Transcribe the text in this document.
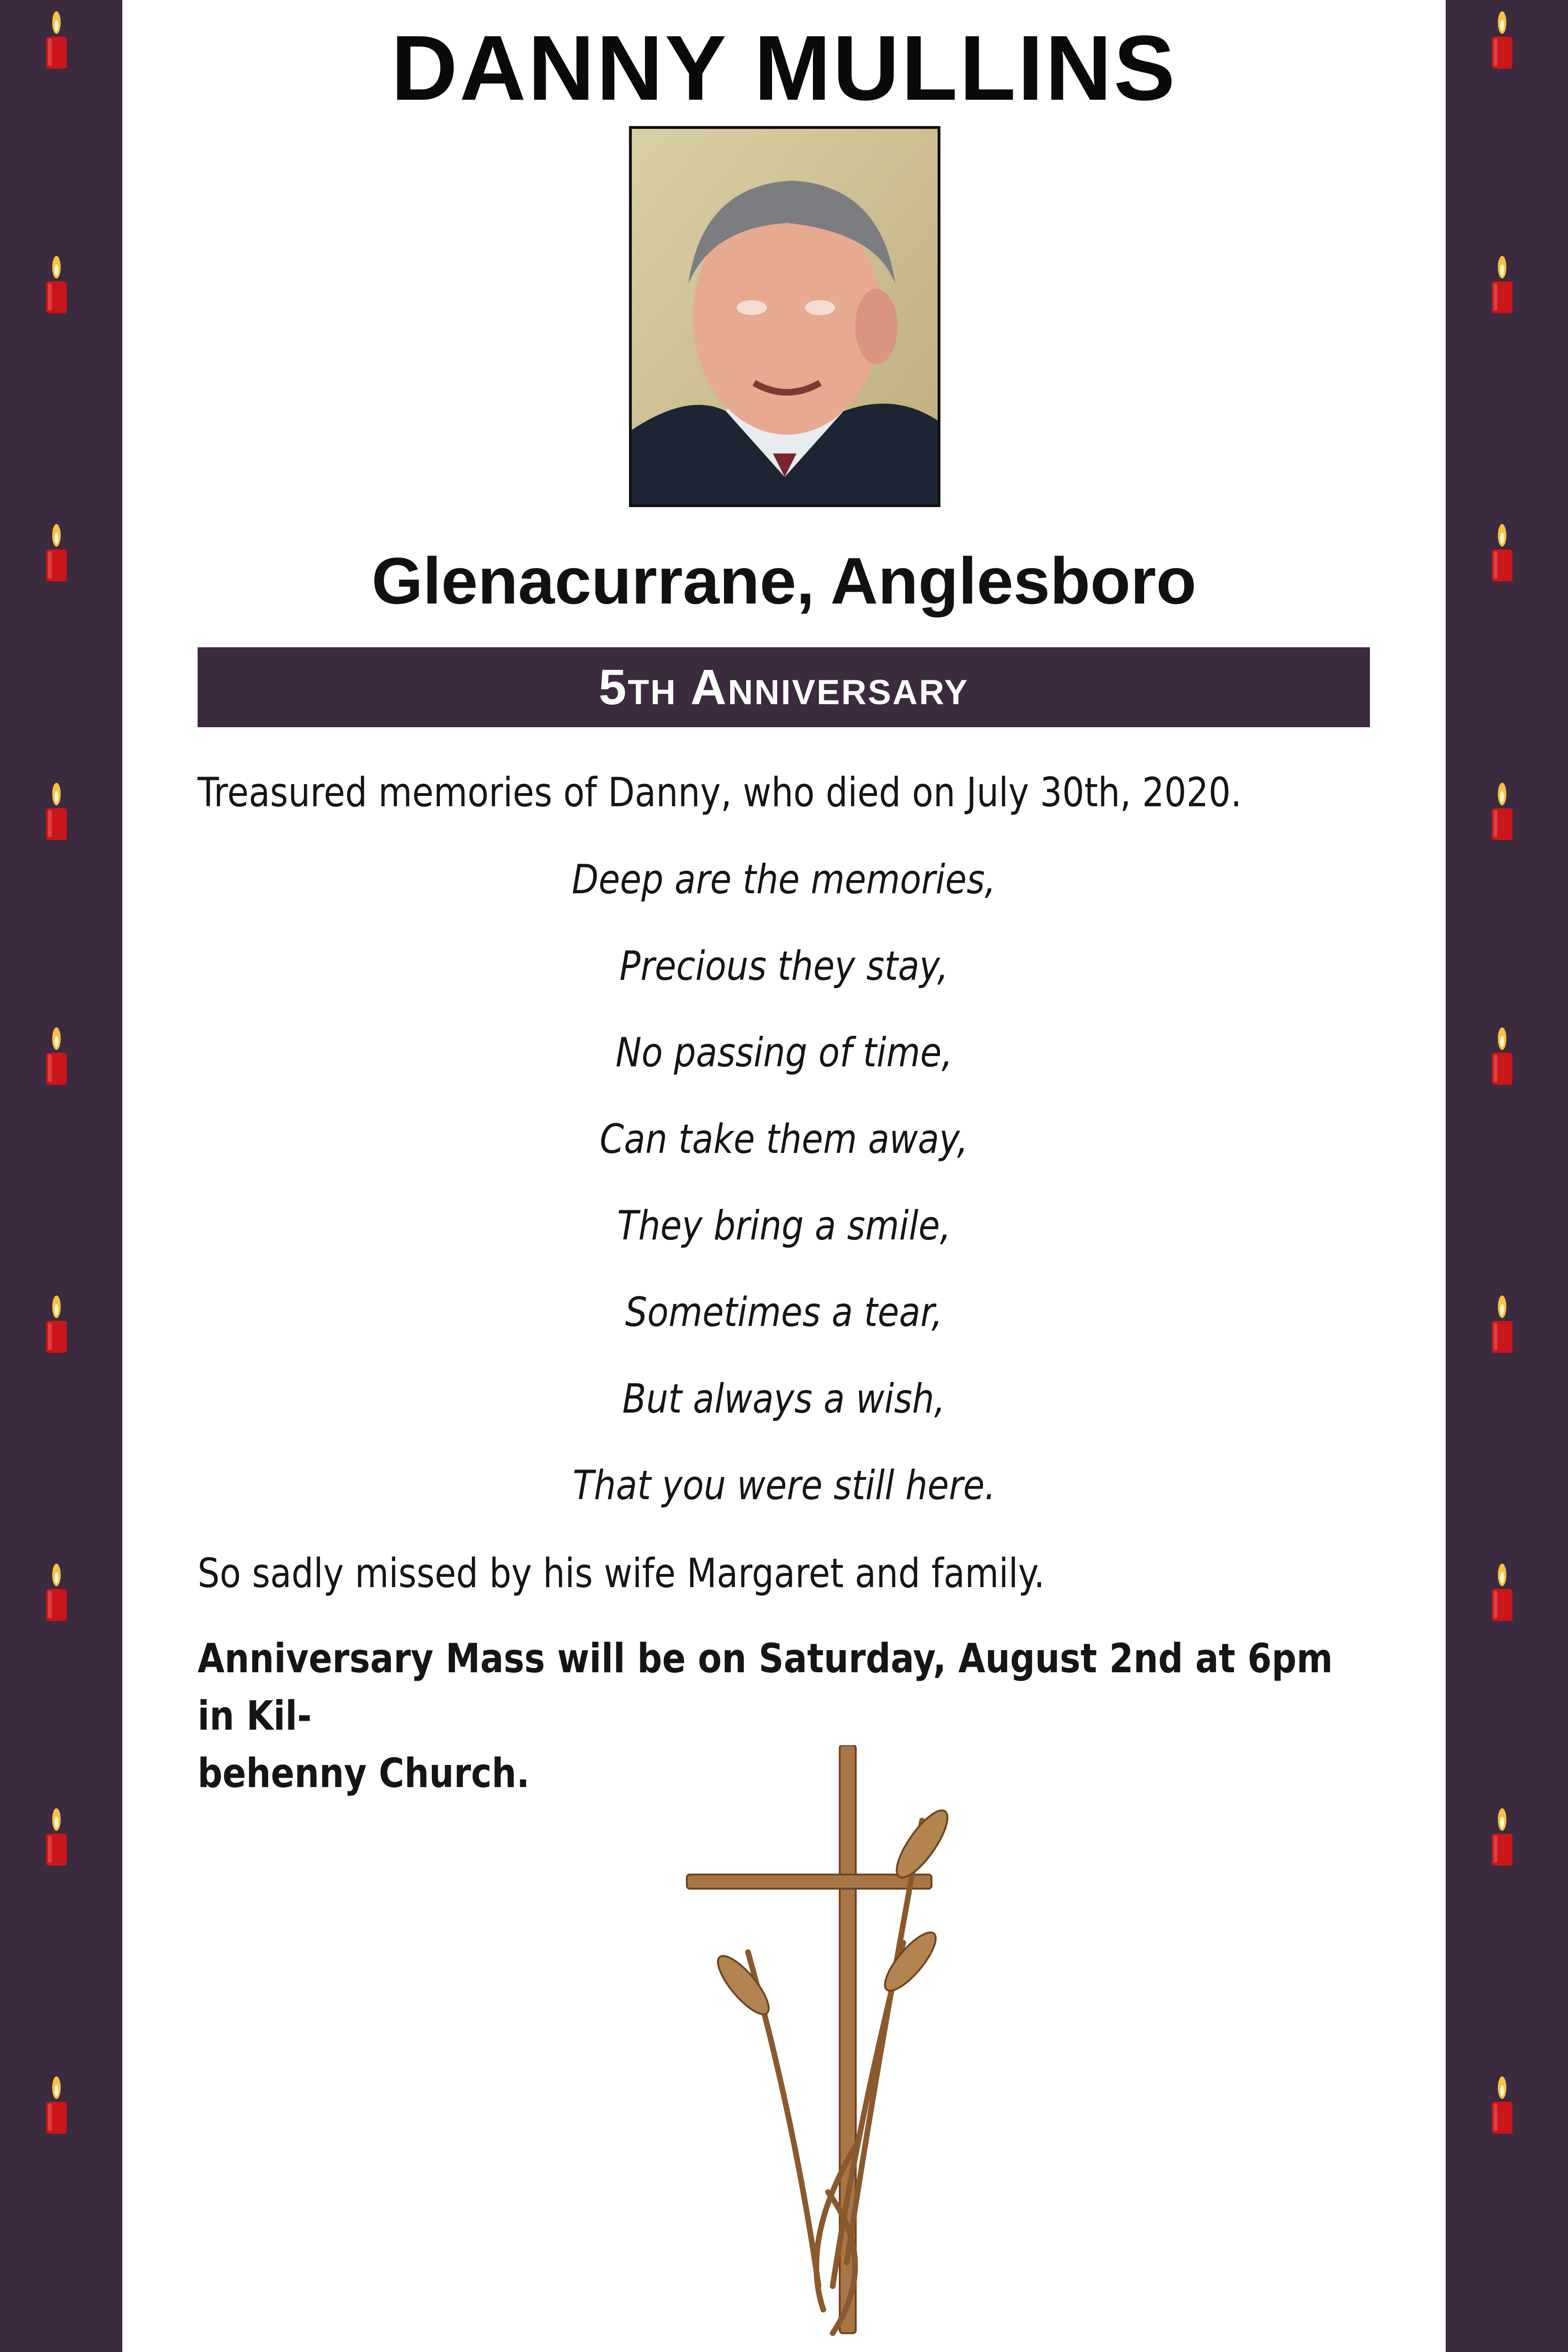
DANNY MULLINS
Glenacurrane, Anglesboro
5th Anniversary

Treasured memories of Danny, who died on July 30th, 2020.

Deep are the memories,
Precious they stay,
No passing of time,
Can take them away,
They bring a smile,
Sometimes a tear,
But always a wish,
That you were still here.

So sadly missed by his wife Margaret and family.

Anniversary Mass will be on Saturday, August 2nd at 6pm in Kil-
behenny Church.
